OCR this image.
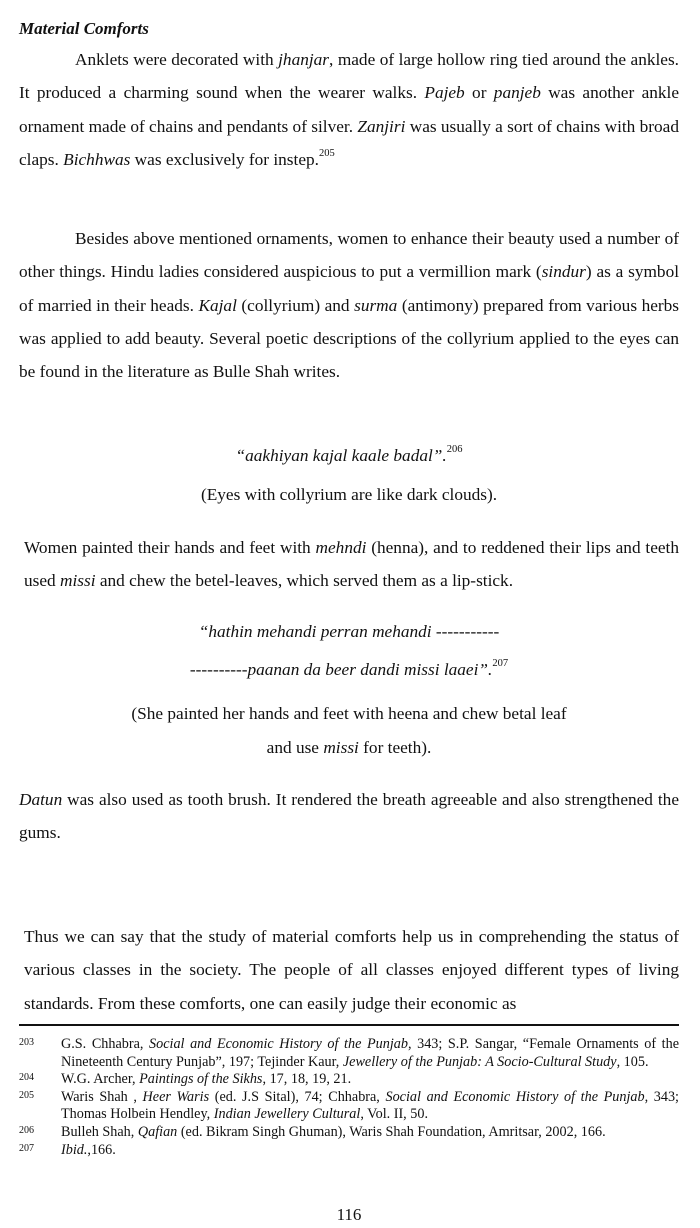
Material Comforts

Anklets were decorated with jhanjar, made of large hollow ring tied around the ankles. It produced a charming sound when the wearer walks. Pajeb or panjeb was another ankle ornament made of chains and pendants of silver. Zanjiri was usually a sort of chains with broad claps. Bichhwas was exclusively for instep.$^{205}$

Besides above mentioned ornaments, women to enhance their beauty used a number of other things. Hindu ladies considered auspicious to put a vermillion mark (sindur) as a symbol of married in their heads. Kajal (collyrium) and surma (antimony) prepared from various herbs was applied to add beauty. Several poetic descriptions of the collyrium applied to the eyes can be found in the literature as Bulle Shah writes.

“aakhiyan kajal kaale badal”.$^{206}$
(Eyes with collyrium are like dark clouds).

Women painted their hands and feet with mehndi (henna), and to reddened their lips and teeth used missi and chew the betel-leaves, which served them as a lip-stick.

“hathin mehandi perran mehandi -----------
----------paanan da beer dandi missi laaei”.$^{207}$
(She painted her hands and feet with heena and chew betal leaf
and use missi for teeth).

Datun was also used as tooth brush. It rendered the breath agreeable and also strengthened the gums.

Thus we can say that the study of material comforts help us in comprehending the status of various classes in the society. The people of all classes enjoyed different types of living standards. From these comforts, one can easily judge their economic as

203	G.S. Chhabra, Social and Economic History of the Punjab, 343; S.P. Sangar, “Female Ornaments of the Nineteenth Century Punjab”, 197; Tejinder Kaur, Jewellery of the Punjab: A Socio-Cultural Study, 105.
204	W.G. Archer, Paintings of the Sikhs, 17, 18, 19, 21.
205	Waris Shah , Heer Waris (ed. J.S Sital), 74; Chhabra, Social and Economic History of the Punjab, 343; Thomas Holbein Hendley, Indian Jewellery Cultural, Vol. II, 50.
206	Bulleh Shah, Qafian (ed. Bikram Singh Ghuman), Waris Shah Foundation, Amritsar, 2002, 166.
207	Ibid.,166.
116
